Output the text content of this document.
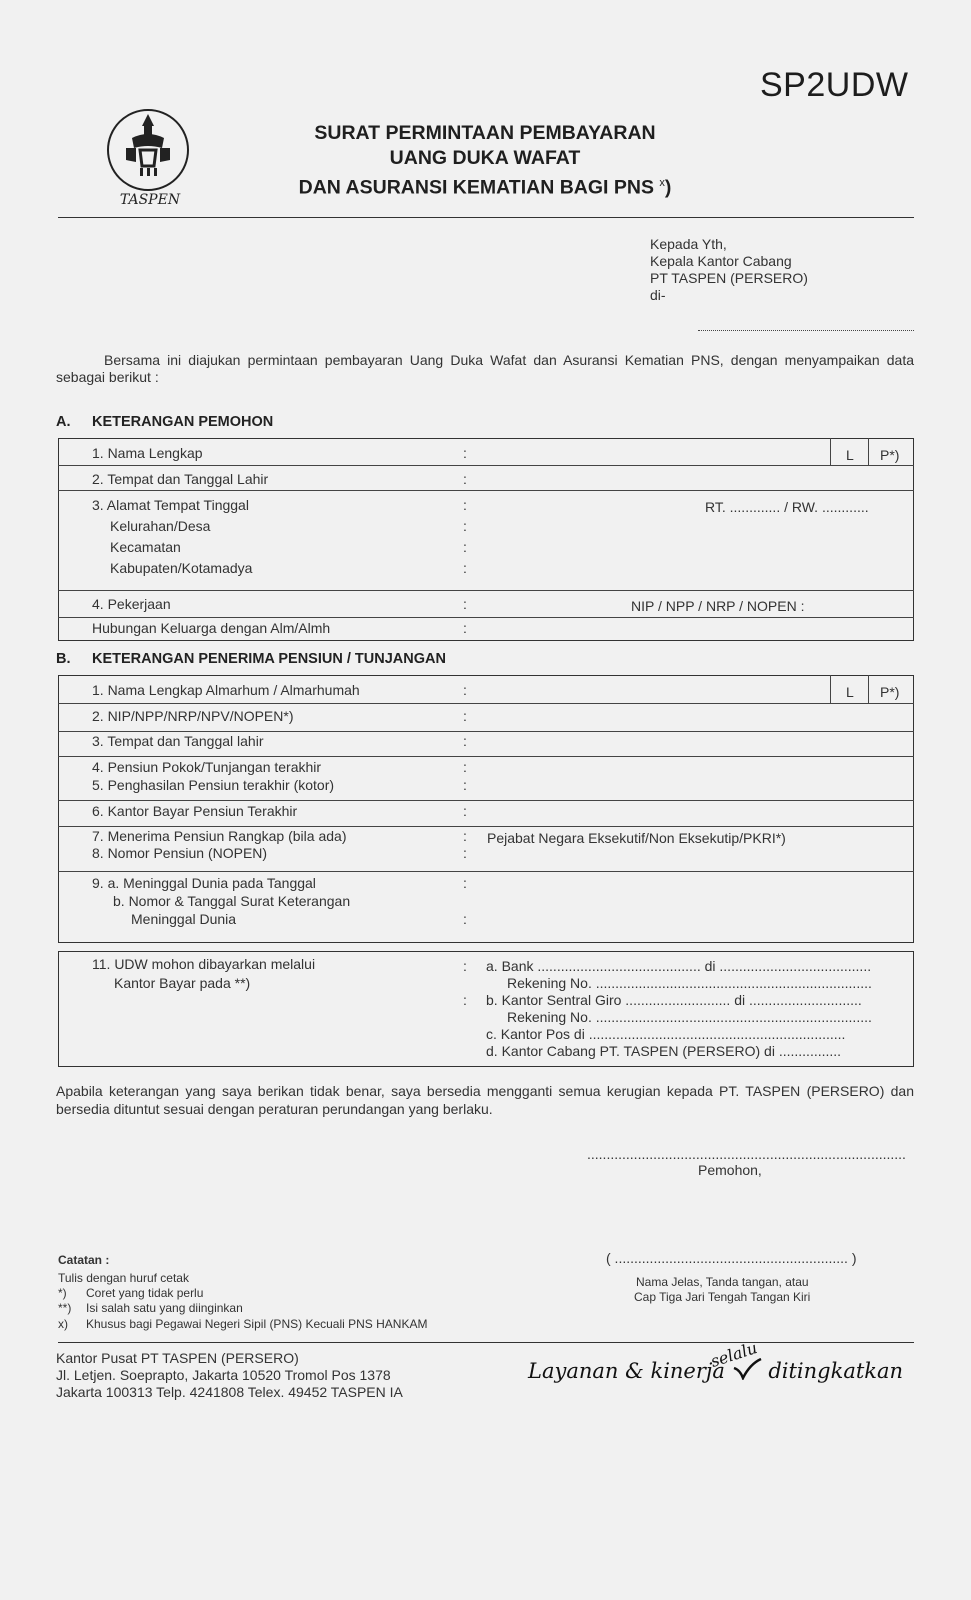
SP2UDW
TASPEN
SURAT PERMINTAAN PEMBAYARAN
UANG DUKA WAFAT
DAN ASURANSI KEMATIAN BAGI PNS $^x$)
Kepada Yth,
Kepala Kantor Cabang
PT TASPEN (PERSERO)
di-
Bersama ini diajukan permintaan pembayaran Uang Duka Wafat dan Asuransi Kematian PNS, dengan menyampaikan data sebagai berikut :
A. KETERANGAN PEMOHON
1. Nama Lengkap	:	L P*)
2. Tempat dan Tanggal Lahir	:
3. Alamat Tempat Tinggal	:	RT. ............. / RW. ............
Kelurahan/Desa	:
Kecamatan	:
Kabupaten/Kotamadya	:
4. Pekerjaan	:	NIP / NPP / NRP / NOPEN :
Hubungan Keluarga dengan Alm/Almh	:
B. KETERANGAN PENERIMA PENSIUN / TUNJANGAN
1. Nama Lengkap Almarhum / Almarhumah	:	L P*)
2. NIP/NPP/NRP/NPV/NOPEN*)	:
3. Tempat dan Tanggal lahir	:
4. Pensiun Pokok/Tunjangan terakhir	:
5. Penghasilan Pensiun terakhir (kotor)	:
6. Kantor Bayar Pensiun Terakhir	:
7. Menerima Pensiun Rangkap (bila ada)	: Pejabat Negara Eksekutif/Non Eksekutip/PKRI*)
8. Nomor Pensiun (NOPEN)	:
9. a. Meninggal Dunia pada Tanggal	:
b. Nomor & Tanggal Surat Keterangan
Meninggal Dunia	:
11. UDW mohon dibayarkan melalui
Kantor Bayar pada **)
: a. Bank .......................................... di .......................................
Rekening No. .......................................................................
: b. Kantor Sentral Giro ........................... di .............................
Rekening No. .......................................................................
c. Kantor Pos di ..................................................................
d. Kantor Cabang PT. TASPEN (PERSERO) di ................
Apabila keterangan yang saya berikan tidak benar, saya bersedia mengganti semua kerugian kepada PT. TASPEN (PERSERO) dan bersedia dituntut sesuai dengan peraturan perundangan yang berlaku.
..................................................................................
Pemohon,
( ............................................................ )
Nama Jelas, Tanda tangan, atau
Cap Tiga Jari Tengah Tangan Kiri
Catatan :
Tulis dengan huruf cetak
*) Coret yang tidak perlu
**) Isi salah satu yang diinginkan
x) Khusus bagi Pegawai Negeri Sipil (PNS) Kecuali PNS HANKAM
Kantor Pusat PT TASPEN (PERSERO)
Jl. Letjen. Soeprapto, Jakarta 10520 Tromol Pos 1378
Jakarta 100313 Telp. 4241808 Telex. 49452 TASPEN IA
Layanan & kinerja ditingkatkan
selalu
